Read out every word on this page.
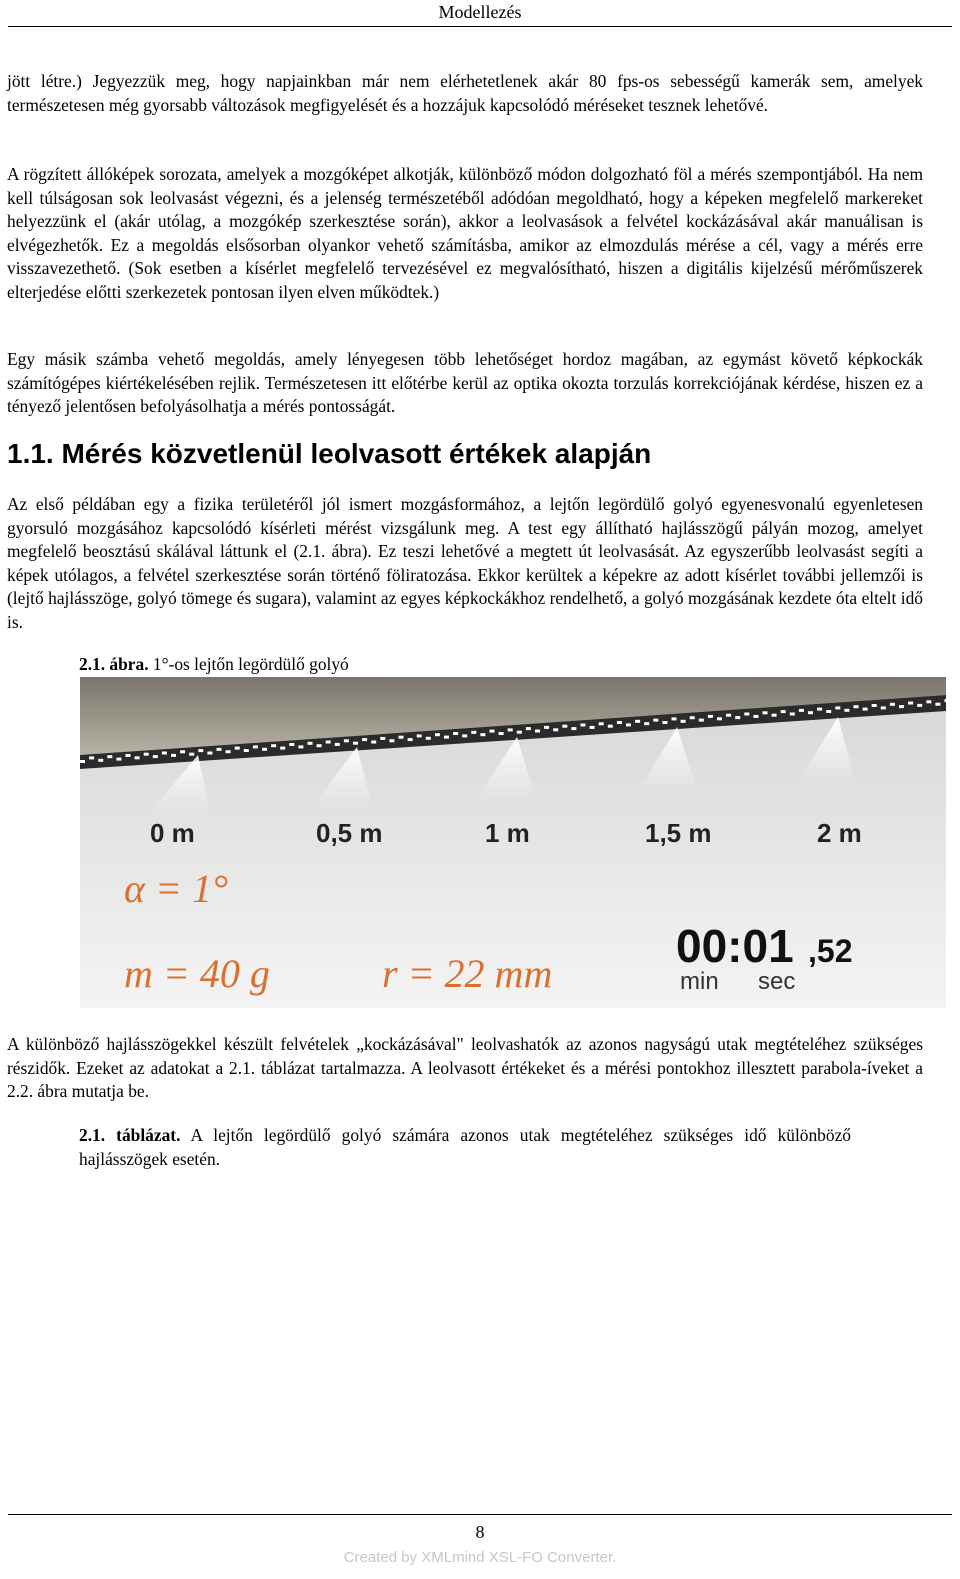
Modellezés

jött létre.) Jegyezzük meg, hogy napjainkban már nem elérhetetlenek akár 80 fps-os sebességű kamerák sem, amelyek természetesen még gyorsabb változások megfigyelését és a hozzájuk kapcsolódó méréseket tesznek lehetővé.

A rögzített állóképek sorozata, amelyek a mozgóképet alkotják, különböző módon dolgozható föl a mérés szempontjából. Ha nem kell túlságosan sok leolvasást végezni, és a jelenség természetéből adódóan megoldható, hogy a képeken megfelelő markereket helyezzünk el (akár utólag, a mozgókép szerkesztése során), akkor a leolvasások a felvétel kockázásával akár manuálisan is elvégezhetők. Ez a megoldás elsősorban olyankor vehető számításba, amikor az elmozdulás mérése a cél, vagy a mérés erre visszavezethető. (Sok esetben a kísérlet megfelelő tervezésével ez megvalósítható, hiszen a digitális kijelzésű mérőműszerek elterjedése előtti szerkezetek pontosan ilyen elven működtek.)

Egy másik számba vehető megoldás, amely lényegesen több lehetőséget hordoz magában, az egymást követő képkockák számítógépes kiértékelésében rejlik. Természetesen itt előtérbe kerül az optika okozta torzulás korrekciójának kérdése, hiszen ez a tényező jelentősen befolyásolhatja a mérés pontosságát.

1.1. Mérés közvetlenül leolvasott értékek alapján

Az első példában egy a fizika területéről jól ismert mozgásformához, a lejtőn legördülő golyó egyenesvonalú egyenletesen gyorsuló mozgásához kapcsolódó kísérleti mérést vizsgálunk meg. A test egy állítható hajlásszögű pályán mozog, amelyet megfelelő beosztású skálával láttunk el (2.1. ábra). Ez teszi lehetővé a megtett út leolvasását. Az egyszerűbb leolvasást segíti a képek utólagos, a felvétel szerkesztése során történő föliratozása. Ekkor kerültek a képekre az adott kísérlet további jellemzői is (lejtő hajlásszöge, golyó tömege és sugara), valamint az egyes képkockákhoz rendelhető, a golyó mozgásának kezdete óta eltelt idő is.

2.1. ábra. 1°-os lejtőn legördülő golyó

0 m	0,5 m	1 m	1,5 m	2 m
α = 1°
m = 40 g	r = 22 mm
00:01 ,52
min sec

A különböző hajlásszögekkel készült felvételek „kockázásával" leolvashatók az azonos nagyságú utak megtételéhez szükséges részidők. Ezeket az adatokat a 2.1. táblázat tartalmazza. A leolvasott értékeket és a mérési pontokhoz illesztett parabola-íveket a 2.2. ábra mutatja be.

2.1. táblázat. A lejtőn legördülő golyó számára azonos utak megtételéhez szükséges idő különböző hajlásszögek esetén.

8
Created by XMLmind XSL-FO Converter.
